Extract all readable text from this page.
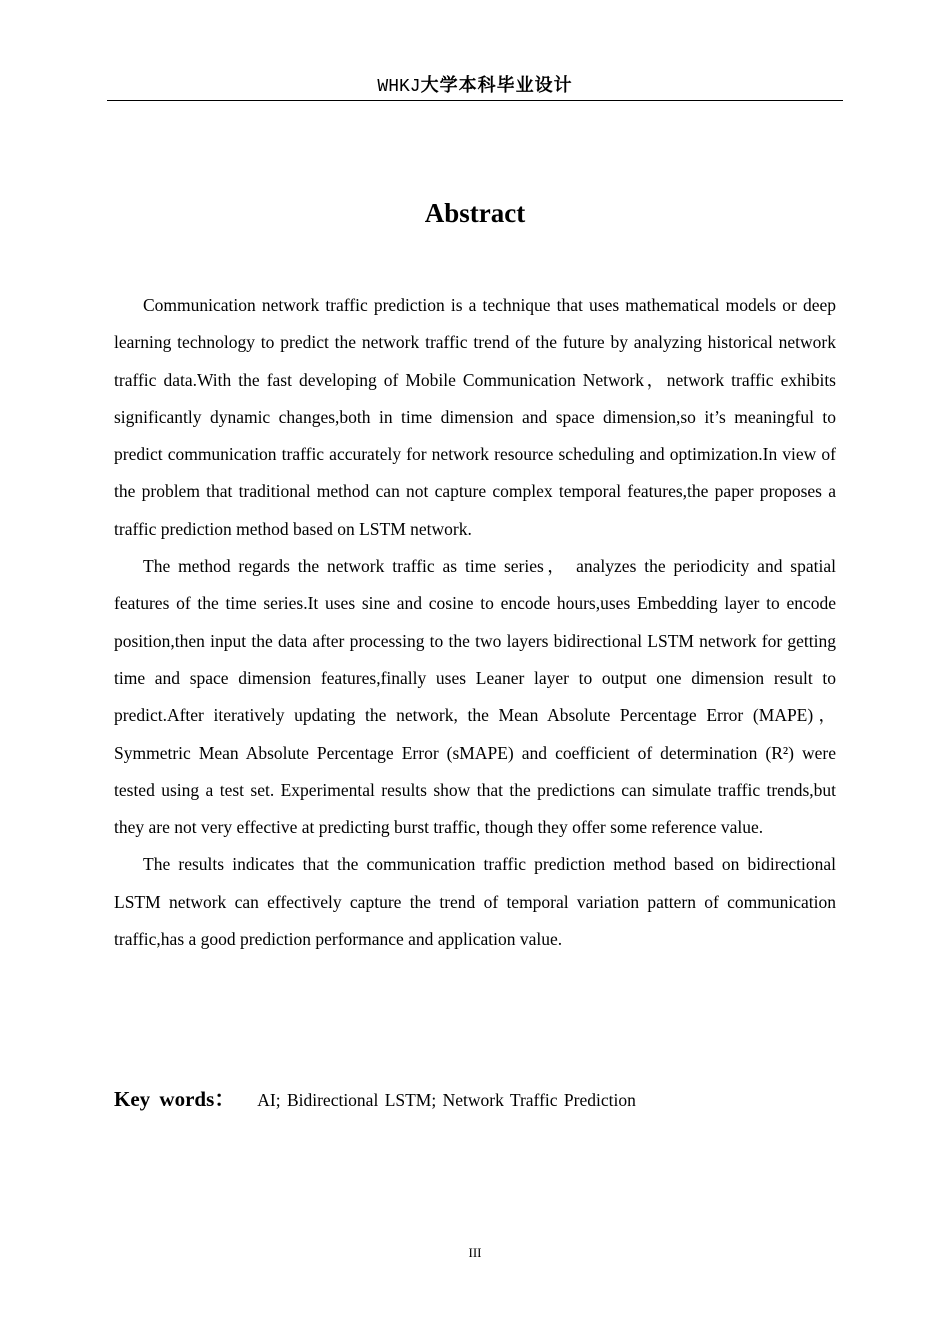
WHKJ大学本科毕业设计
Abstract

Communication network traffic prediction is a technique that uses mathematical models or deep learning technology to predict the network traffic trend of the future by analyzing historical network traffic data.With the fast developing of Mobile Communication Network，network traffic exhibits significantly dynamic changes,both in time dimension and space dimension,so it’s meaningful to predict communication traffic accurately for network resource scheduling and optimization.In view of the problem that traditional method can not capture complex temporal features,the paper proposes a traffic prediction method based on LSTM network.

The method regards the network traffic as time series， analyzes the periodicity and spatial features of the time series.It uses sine and cosine to encode hours,uses Embedding layer to encode position,then input the data after processing to the two layers bidirectional LSTM network for getting time and space dimension features,finally uses Leaner layer to output one dimension result to predict.After iteratively updating the network, the Mean Absolute Percentage Error (MAPE)，Symmetric Mean Absolute Percentage Error (sMAPE) and coefficient of determination (R²) were tested using a test set. Experimental results show that the predictions can simulate traffic trends,but they are not very effective at predicting burst traffic, though they offer some reference value.

The results indicates that the communication traffic prediction method based on bidirectional LSTM network can effectively capture the trend of temporal variation pattern of communication traffic,has a good prediction performance and application value.

Key words： AI; Bidirectional LSTM; Network Traffic Prediction
III
